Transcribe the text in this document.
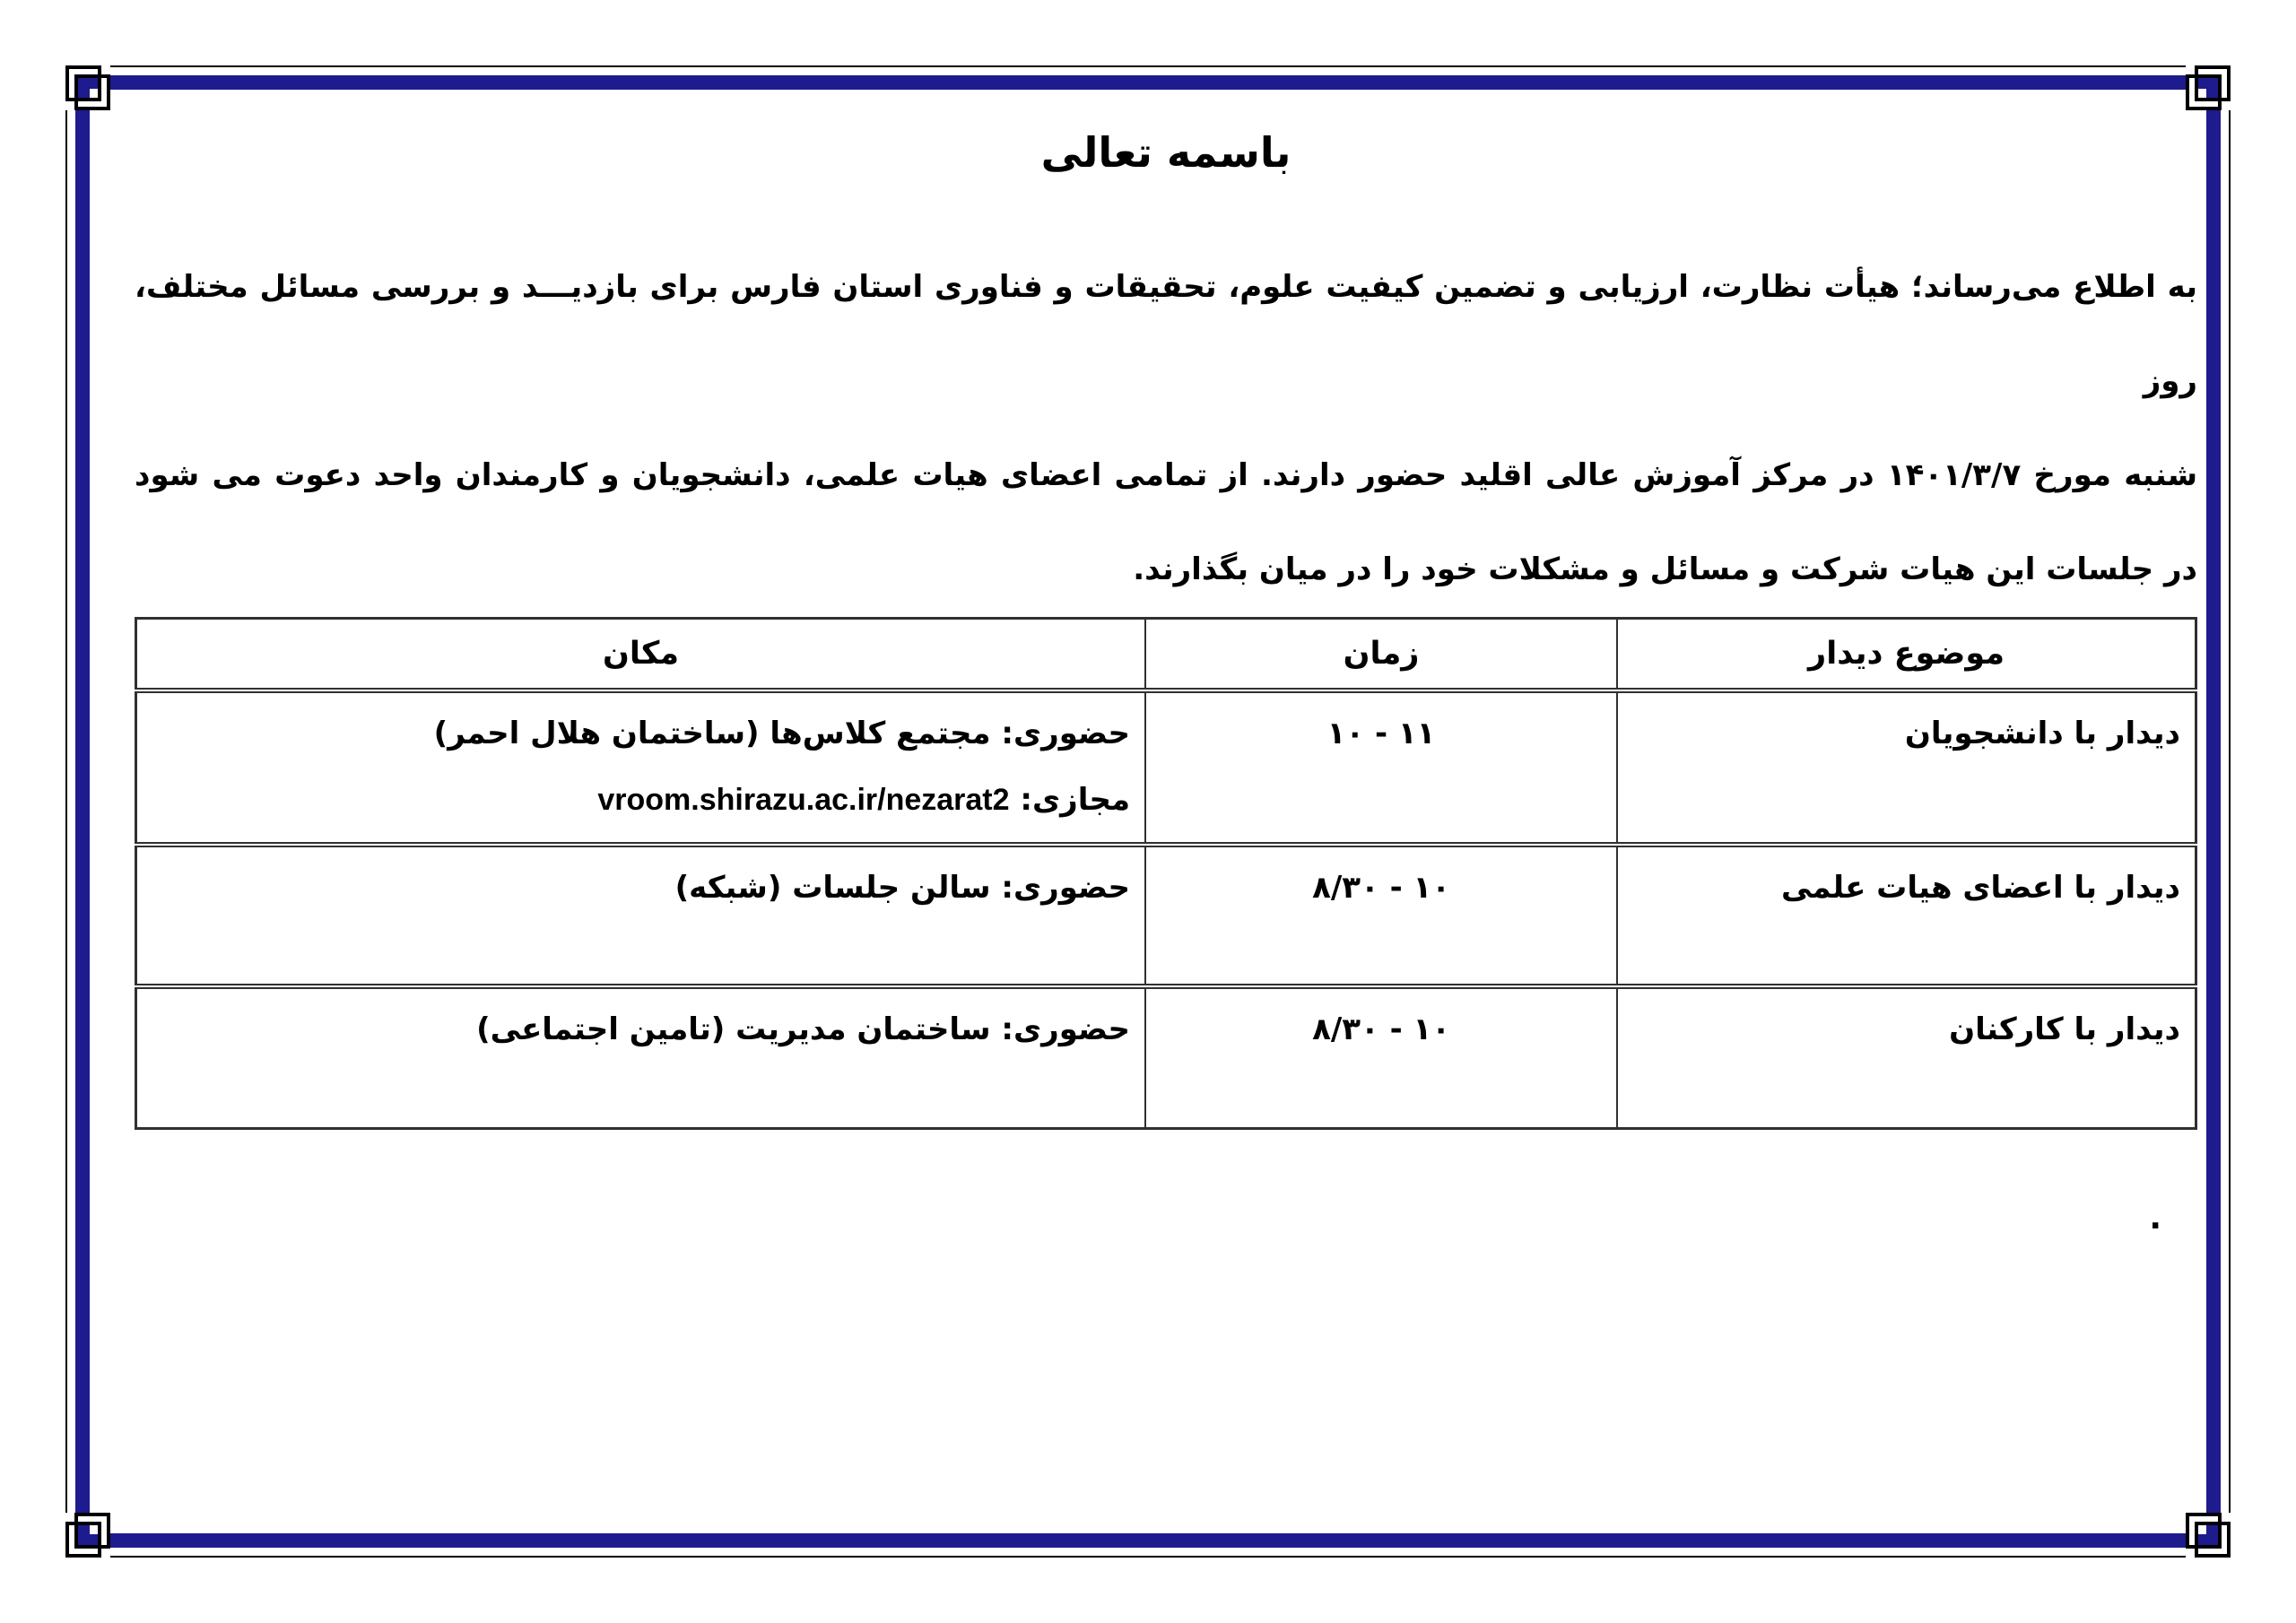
باسمه تعالی
به اطلاع می‌رساند؛ هیأت نظارت، ارزیابی و تضمین کیفیت علوم، تحقیقات و فناوری استان فارس برای بازدیـــد و بررسی مسائل مختلف، روز
شنبه مورخ ۱۴۰۱/۳/۷ در مرکز آموزش عالی اقلید حضور دارند. از تمامی اعضای هیات علمی، دانشجویان و کارمندان واحد دعوت می شود
در جلسات این هیات شرکت و مسائل و مشکلات خود را در میان بگذارند.
موضوع دیدار	زمان	مکان
دیدار با دانشجویان	۱۰ - ۱۱	حضوری: مجتمع کلاس‌ها (ساختمان هلال احمر)
مجازی: vroom.shirazu.ac.ir/nezarat2

دیدار با اعضای هیات علمی	۸/۳۰ - ۱۰	حضوری: سالن جلسات (شبکه)

دیدار با کارکنان	۸/۳۰ - ۱۰	حضوری: ساختمان مدیریت (تامین اجتماعی)
.
